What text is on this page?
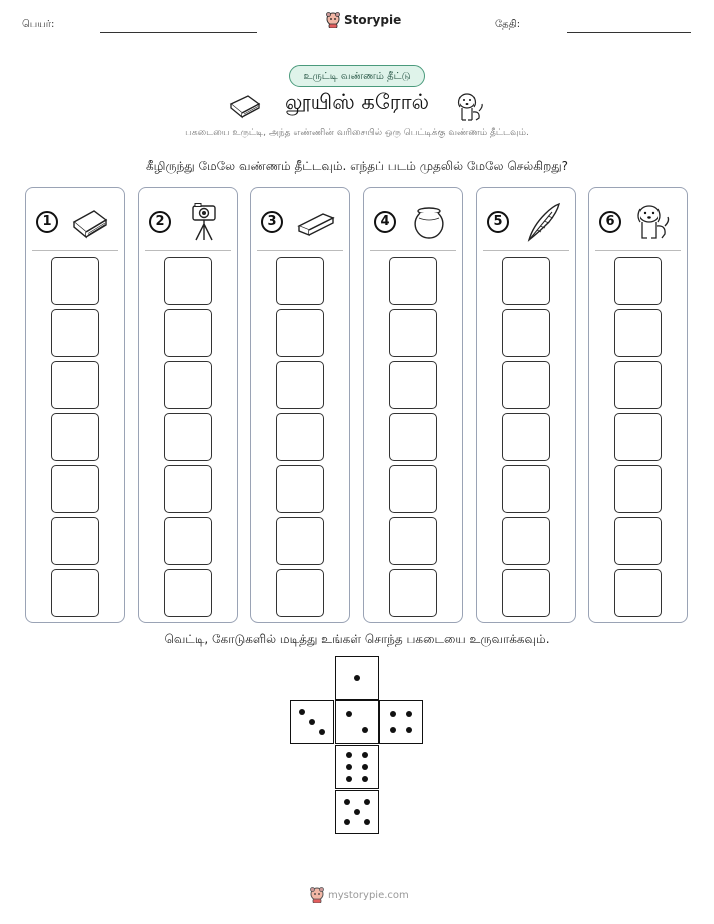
பெயர்:	Storypie	தேதி:
உருட்டி வண்ணம் தீட்டு
லூயிஸ் கரோல்
பகடையை உருட்டி, அந்த எண்ணின் வரிசையில் ஒரு பெட்டிக்கு வண்ணம் தீட்டவும்.
கீழிருந்து மேலே வண்ணம் தீட்டவும். எந்தப் படம் முதலில் மேலே செல்கிறது?
1	2	3	4	5	6
வெட்டி, கோடுகளில் மடித்து உங்கள் சொந்த பகடையை உருவாக்கவும்.
mystorypie.com
